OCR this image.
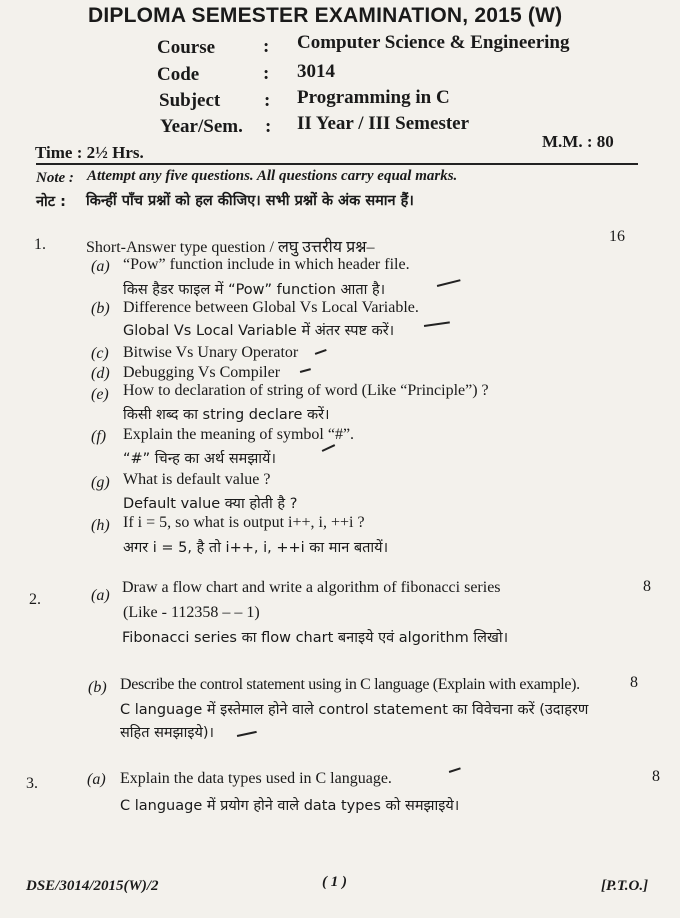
DIPLOMA SEMESTER EXAMINATION, 2015 (W)
Course	: Computer Science & Engineering
Code	: 3014
Subject : Programming in C
Year/Sem. : II Year / III Semester
Time : 2½ Hrs.
M.M. : 80
Note : Attempt any five questions. All questions carry equal marks.
नोट : किन्हीं पाँच प्रश्नों को हल कीजिए। सभी प्रश्नों के अंक समान हैं।
1.	Short-Answer type question / लघु उत्तरीय प्रश्न–
16
(a) “Pow” function include in which header file.
किस हैडर फाइल में “Pow” function आता है।
(b) Difference between Global Vs Local Variable.
Global Vs Local Variable में अंतर स्पष्ट करें।
(c) Bitwise Vs Unary Operator
(d) Debugging Vs Compiler
(e) How to declaration of string of word (Like “Principle”) ?
किसी शब्द का string declare करें।
(f) Explain the meaning of symbol “#”.
“#” चिन्ह का अर्थ समझायें।
(g) What is default value ?
Default value क्या होती है ?
(h) If i = 5, so what is output i++, i, ++i ?
अगर i = 5, है तो i++, i, ++i का मान बतायें।
2.	(a) Draw a flow chart and write a algorithm of fibonacci series	8
(Like - 112358 – – 1)
Fibonacci series का flow chart बनाइये एवं algorithm लिखो।
(b) Describe the control statement using in C language (Explain with example).	8
C language में इस्तेमाल होने वाले control statement का विवेचना करें (उदाहरण
सहित समझाइये)।
3.	(a) Explain the data types used in C language.	8
C language में प्रयोग होने वाले data types को समझाइये।
DSE/3014/2015(W)/2	( 1 )	[P.T.O.]
